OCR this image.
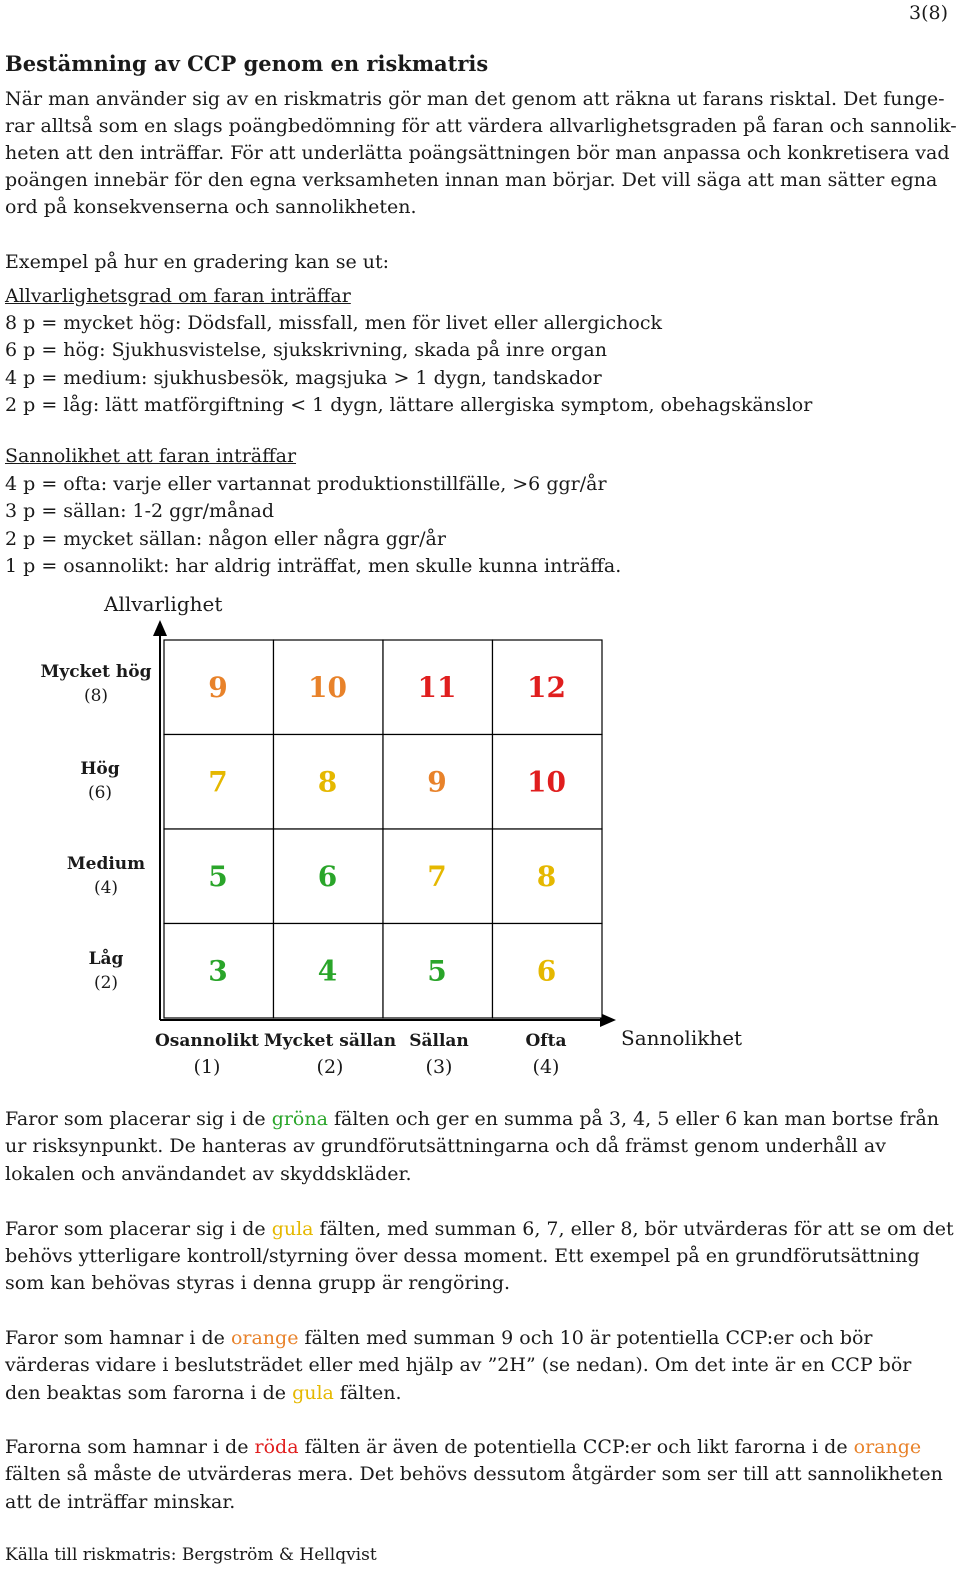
3(8)
Bestämning av CCP genom en riskmatris
När man använder sig av en riskmatris gör man det genom att räkna ut farans risktal. Det funge-
rar alltså som en slags poängbedömning för att värdera allvarlighetsgraden på faran och sannolik-
heten att den inträffar. För att underlätta poängsättningen bör man anpassa och konkretisera vad
poängen innebär för den egna verksamheten innan man börjar. Det vill säga att man sätter egna
ord på konsekvenserna och sannolikheten.
Exempel på hur en gradering kan se ut:
Allvarlighetsgrad om faran inträffar
8 p = mycket hög: Dödsfall, missfall, men för livet eller allergichock
6 p = hög: Sjukhusvistelse, sjukskrivning, skada på inre organ
4 p = medium: sjukhusbesök, magsjuka > 1 dygn, tandskador
2 p = låg: lätt matförgiftning < 1 dygn, lättare allergiska symptom, obehagskänslor
Sannolikhet att faran inträffar
4 p = ofta: varje eller vartannat produktionstillfälle, >6 ggr/år
3 p = sällan: 1-2 ggr/månad
2 p = mycket sällan: någon eller några ggr/år
1 p = osannolikt: har aldrig inträffat, men skulle kunna inträffa.
Allvarlighet
Sannolikhet
9	10	11	12
7	8	9	10
5	6	7	8
3	4	5	6
Mycket hög
(8)
Hög
(6)
Medium
(4)
Låg
(2)
Osannolikt
(1)
Mycket sällan
(2)
Sällan
(3)
Ofta
(4)
Faror som placerar sig i de gröna fälten och ger en summa på 3, 4, 5 eller 6 kan man bortse från
ur risksynpunkt. De hanteras av grundförutsättningarna och då främst genom underhåll av
lokalen och användandet av skyddskläder.
Faror som placerar sig i de gula fälten, med summan 6, 7, eller 8, bör utvärderas för att se om det
behövs ytterligare kontroll/styrning över dessa moment. Ett exempel på en grundförutsättning
som kan behövas styras i denna grupp är rengöring.
Faror som hamnar i de orange fälten med summan 9 och 10 är potentiella CCP:er och bör
värderas vidare i beslutsträdet eller med hjälp av ”2H” (se nedan). Om det inte är en CCP bör
den beaktas som farorna i de gula fälten.
Farorna som hamnar i de röda fälten är även de potentiella CCP:er och likt farorna i de orange
fälten så måste de utvärderas mera. Det behövs dessutom åtgärder som ser till att sannolikheten
att de inträffar minskar.
Källa till riskmatris: Bergström & Hellqvist
